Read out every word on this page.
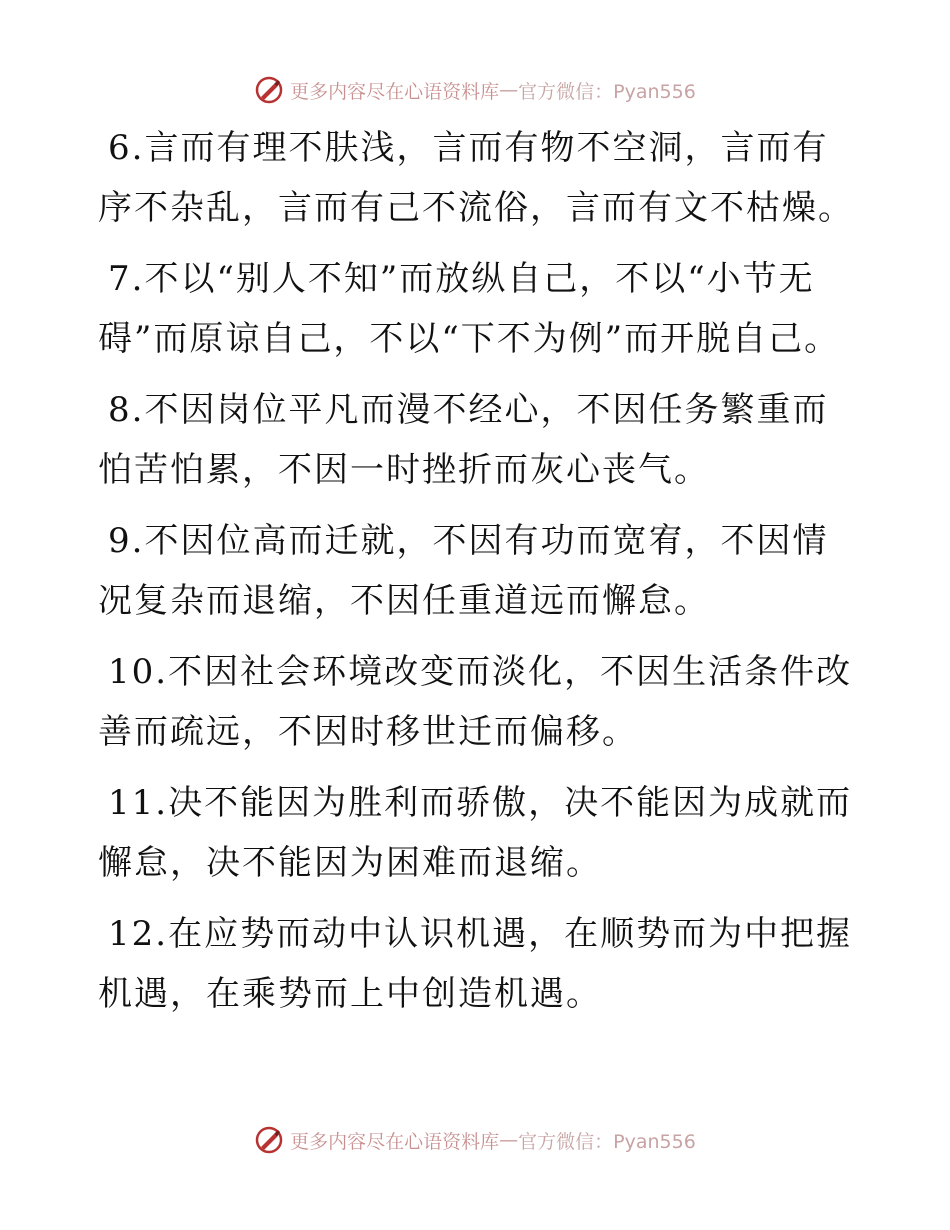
更多内容尽在心语资料库 — 官方微信：Pyan556

6.言而有理不肤浅，言而有物不空洞，言而有序不杂乱，言而有己不流俗，言而有文不枯燥。

7.不以“别人不知”而放纵自己，不以“小节无碍”而原谅自己，不以“下不为例”而开脱自己。

8.不因岗位平凡而漫不经心，不因任务繁重而怕苦怕累，不因一时挫折而灰心丧气。

9.不因位高而迁就，不因有功而宽宥，不因情况复杂而退缩，不因任重道远而懈怠。

10.不因社会环境改变而淡化，不因生活条件改善而疏远，不因时移世迁而偏移。

11.决不能因为胜利而骄傲，决不能因为成就而懈怠，决不能因为困难而退缩。

12.在应势而动中认识机遇，在顺势而为中把握机遇，在乘势而上中创造机遇。

更多内容尽在心语资料库 — 官方微信：Pyan556
